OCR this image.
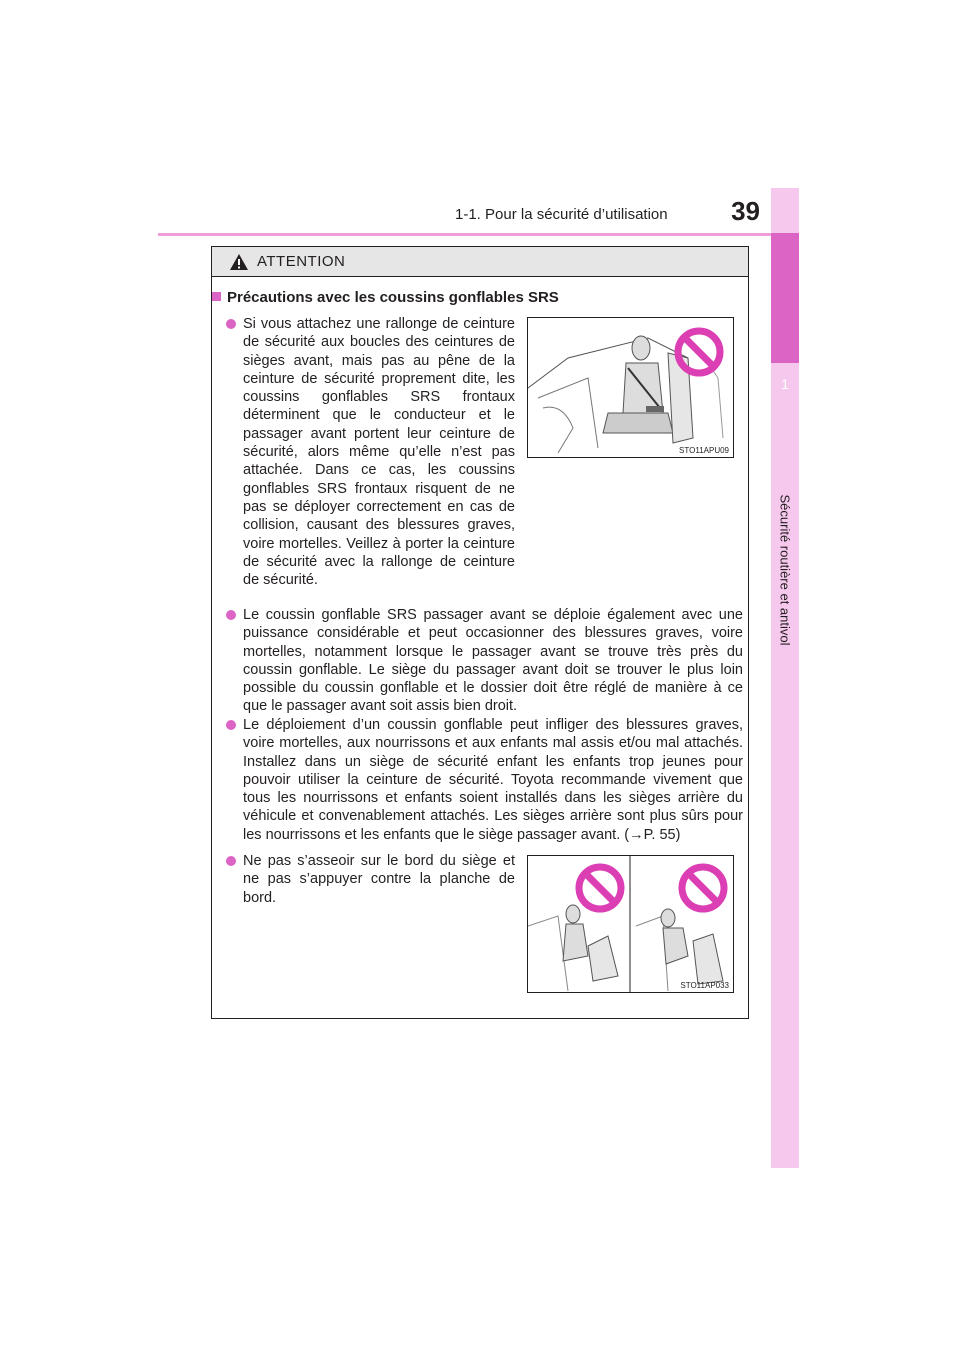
1-1. Pour la sécurité d’utilisation 39
1
Sécurité routière et antivol
ATTENTION
Précautions avec les coussins gonflables SRS
Si vous attachez une rallonge de ceinture de sécurité aux boucles des ceintures de sièges avant, mais pas au pêne de la ceinture de sécurité proprement dite, les coussins gonflables SRS frontaux déterminent que le conducteur et le passager avant portent leur ceinture de sécurité, alors même qu’elle n’est pas attachée. Dans ce cas, les coussins gonflables SRS frontaux risquent de ne pas se déployer correctement en cas de collision, causant des blessures graves, voire mortelles. Veillez à porter la ceinture de sécurité avec la rallonge de ceinture de sécurité.
Le coussin gonflable SRS passager avant se déploie également avec une puissance considérable et peut occasionner des blessures graves, voire mortelles, notamment lorsque le passager avant se trouve très près du coussin gonflable. Le siège du passager avant doit se trouver le plus loin possible du coussin gonflable et le dossier doit être réglé de manière à ce que le passager avant soit assis bien droit.
Le déploiement d’un coussin gonflable peut infliger des blessures graves, voire mortelles, aux nourrissons et aux enfants mal assis et/ou mal attachés. Installez dans un siège de sécurité enfant les enfants trop jeunes pour pouvoir utiliser la ceinture de sécurité. Toyota recommande vivement que tous les nourrissons et enfants soient installés dans les sièges arrière du véhicule et convenablement attachés. Les sièges arrière sont plus sûrs pour les nourrissons et les enfants que le siège passager avant. (→P. 55)
Ne pas s’asseoir sur le bord du siège et ne pas s’appuyer contre la planche de bord.
STO11APU09
STO11AP033
